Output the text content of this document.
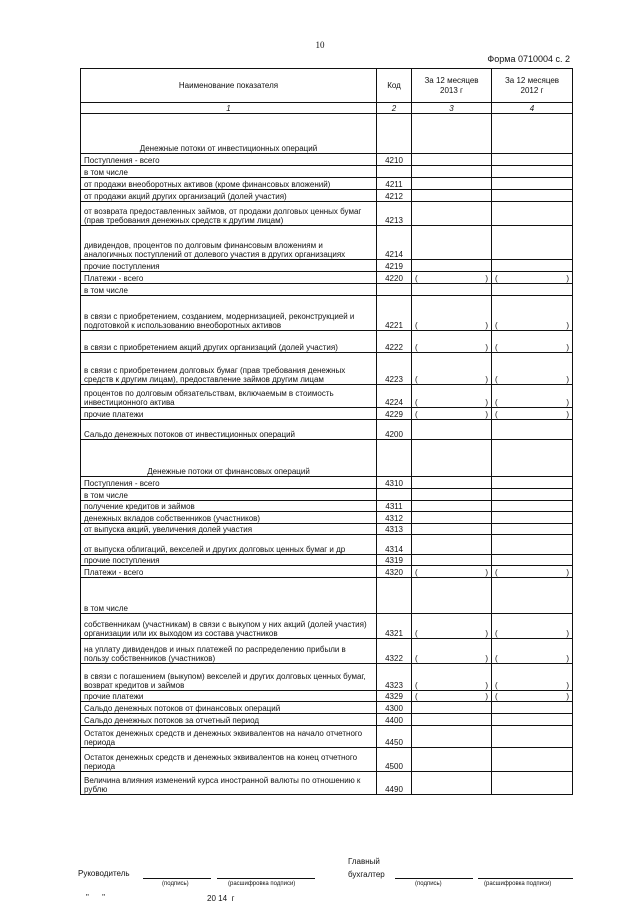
10
Форма 0710004 с. 2
Наименование показателя	Код	За 12 месяцев 2013 г	За 12 месяцев 2012 г
1	2	3	4
Денежные потоки от инвестиционных операций			
Поступления - всего	4210		
в том числе			
от продажи внеоборотных активов (кроме финансовых вложений)	4211		
от продажи акций других организаций (долей участия)	4212		
от возврата предоставленных займов, от продажи долговых ценных бумаг (прав требования денежных средств к другим лицам)	4213		
дивидендов, процентов по долговым финансовым вложениям и аналогичных поступлений от долевого участия в других организациях	4214		
прочие поступления	4219		
Платежи - всего	4220	( )	( )

в том числе			
в связи с приобретением, созданием, модернизацией, реконструкцией и подготовкой к использованию внеоборотных активов	4221	( )	( )

в связи с приобретением акций других организаций (долей участия)	4222	( )	( )

в связи с приобретением долговых бумаг (прав требования денежных средств к другим лицам), предоставление займов другим лицам	4223	( )	( )

процентов по долговым обязательствам, включаемым в стоимость инвестиционного актива	4224	( )	( )

прочие платежи	4229	( )	( )

Сальдо денежных потоков от инвестиционных операций	4200		
Денежные потоки от финансовых операций			
Поступления - всего	4310		
в том числе			
получение кредитов и займов	4311		
денежных вкладов собственников (участников)	4312		
от выпуска акций, увеличения долей участия	4313		
от выпуска облигаций, векселей и других долговых ценных бумаг и др	4314		
прочие поступления	4319		
Платежи - всего	4320	( )	( )

в том числе			
собственникам (участникам) в связи с выкупом у них акций (долей участия) организации или их выходом из состава участников	4321	( )	( )

на уплату дивидендов и иных платежей по распределению прибыли в пользу собственников (участников)	4322	( )	( )

в связи с погашением (выкупом) векселей и других долговых ценных бумаг, возврат кредитов и займов	4323	( )	( )

прочие платежи	4329	( )	( )

Сальдо денежных потоков от финансовых операций	4300		
Сальдо денежных потоков за отчетный период	4400		
Остаток денежных средств и денежных эквивалентов на начало отчетного периода	4450		
Остаток денежных средств и денежных эквивалентов на конец отчетного периода	4500		
Величина влияния изменений курса иностранной валюты по отношению к рублю	4490		
Главный бухгалтер
Руководитель
(подпись)	(расшифровка подписи)	(подпись)	(расшифровка подписи)
"      "	20 14  г
